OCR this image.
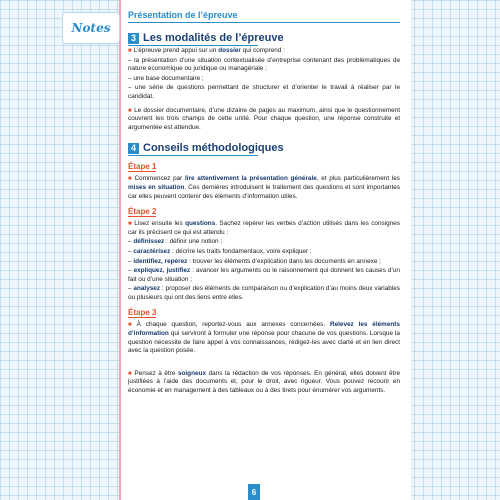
Notes
Présentation de l’épreuve
3 Les modalités de l’épreuve

■ L’épreuve prend appui sur un dossier qui comprend :

– la présentation d’une situation contextualisée d’entreprise contenant des problématiques de nature économique ou juridique ou managériale ;

– une base documentaire ;

– une série de questions permettant de structurer et d’orienter le travail à réaliser par le candidat.

■ Le dossier documentaire, d’une dizaine de pages au maximum, ainsi que le questionnement couvrent les trois champs de cette unité. Pour chaque question, une réponse construite et argumentée est attendue.

4 Conseils méthodologiques
Étape 1

■ Commencez par lire attentivement la présentation générale, et plus particulièrement les mises en situation. Ces dernières introduisent le traitement des questions et sont importantes car elles peuvent contenir des éléments d’information utiles.

Étape 2

■ Lisez ensuite les questions. Sachez repérer les verbes d’action utilisés dans les consignes car ils précisent ce qui est attendu :

– définissez : définir une notion ;

– caractérisez : décrire les traits fondamentaux, voire expliquer ;

– identifiez, repérez : trouver les éléments d’explication dans les documents en annexe ;

– expliquez, justifiez : avancer les arguments ou le raisonnement qui donnent les causes d’un fait ou d’une situation ;

– analysez : proposer des éléments de comparaison ou d’explication d’au moins deux variables ou plusieurs qui ont des liens entre elles.

Étape 3

■ À chaque question, reportez-vous aux annexes concernées. Relevez les éléments d’information qui serviront à formuler une réponse pour chacune de vos questions. Lorsque la question nécessite de faire appel à vos connaissances, rédigez-les avec clarté et en lien direct avec la question posée.

■ Pensez à être soigneux dans la rédaction de vos réponses. En général, elles doivent être justifiées à l’aide des documents et, pour le droit, avec rigueur. Vous pouvez recourir en économie et en management à des tableaux ou à des tirets pour énumérer vos arguments.

6
